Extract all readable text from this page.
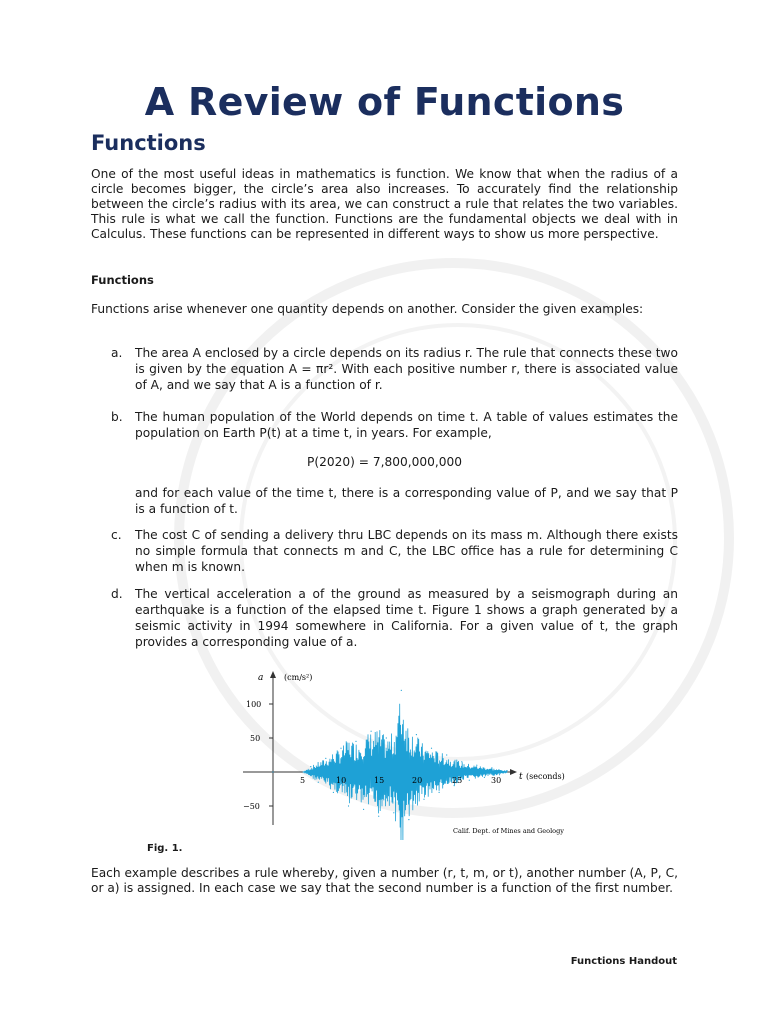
A Review of Functions
Functions

One of the most useful ideas in mathematics is function. We know that when the radius of a circle becomes bigger, the circle’s area also increases. To accurately find the relationship between the circle’s radius with its area, we can construct a rule that relates the two variables. This rule is what we call the function. Functions are the fundamental objects we deal with in Calculus. These functions can be represented in different ways to show us more perspective.

Functions

Functions arise whenever one quantity depends on another. Consider the given examples:

a. The area A enclosed by a circle depends on its radius r. The rule that connects these two is given by the equation A = πr². With each positive number r, there is associated value of A, and we say that A is a function of r.
b. The human population of the World depends on time t. A table of values estimates the population on Earth P(t) at a time t, in years. For example,
P(2020) = 7,800,000,000
and for each value of the time t, there is a corresponding value of P, and we say that P is a function of t.
c. The cost C of sending a delivery thru LBC depends on its mass m. Although there exists no simple formula that connects m and C, the LBC office has a rule for determining C when m is known.
d. The vertical acceleration a of the ground as measured by a seismograph during an earthquake is a function of the elapsed time t. Figure 1 shows a graph generated by a seismic activity in 1994 somewhere in California. For a given value of t, the graph provides a corresponding value of a.
a	(cm/s²)
100
50
−50
5	10	15	20	25	30 t (seconds)
Calif. Dept. of Mines and Geology
Fig. 1.

Each example describes a rule whereby, given a number (r, t, m, or t), another number (A, P, C, or a) is assigned. In each case we say that the second number is a function of the first number.

Functions Handout
